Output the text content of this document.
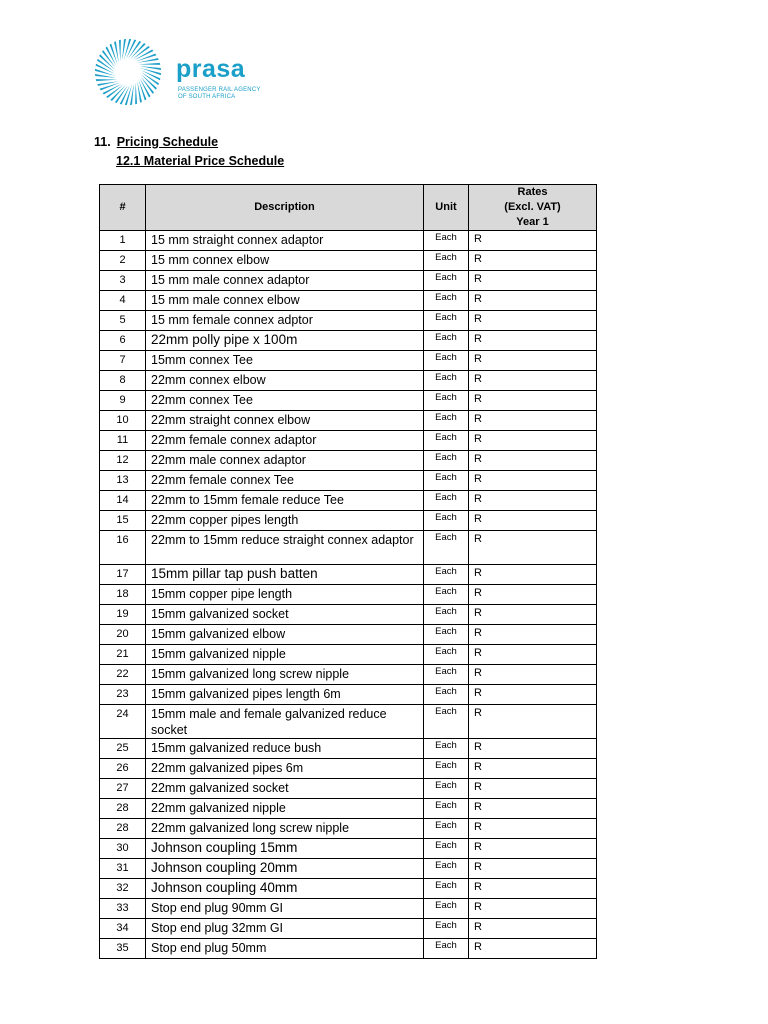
prasa
PASSENGER RAIL AGENCY
OF SOUTH AFRICA
11. Pricing Schedule
12.1 Material Price Schedule
#	Description	Unit	Rates
(Excl. VAT)
Year 1

1	15 mm straight connex adaptor	Each	R
2	15 mm connex elbow	Each	R
3	15 mm male connex adaptor	Each	R
4	15 mm male connex elbow	Each	R
5	15 mm female connex adptor	Each	R
6	22mm polly pipe x 100m	Each	R
7	15mm connex Tee	Each	R
8	22mm connex elbow	Each	R
9	22mm connex Tee	Each	R
10	22mm straight connex elbow	Each	R
11	22mm female connex adaptor	Each	R
12	22mm male connex adaptor	Each	R
13	22mm female connex Tee	Each	R
14	22mm to 15mm female reduce Tee	Each	R
15	22mm copper pipes length	Each	R
16	22mm to 15mm reduce straight connex adaptor	Each	R
17	15mm pillar tap push batten	Each	R
18	15mm copper pipe length	Each	R
19	15mm galvanized socket	Each	R
20	15mm galvanized elbow	Each	R
21	15mm galvanized nipple	Each	R
22	15mm galvanized long screw nipple	Each	R
23	15mm galvanized pipes length 6m	Each	R
24	15mm male and female galvanized reduce socket	Each	R
25	15mm galvanized reduce bush	Each	R
26	22mm galvanized pipes 6m	Each	R
27	22mm galvanized socket	Each	R
28	22mm galvanized nipple	Each	R
28	22mm galvanized long screw nipple	Each	R
30	Johnson coupling 15mm	Each	R
31	Johnson coupling 20mm	Each	R
32	Johnson coupling 40mm	Each	R
33	Stop end plug 90mm GI	Each	R
34	Stop end plug 32mm GI	Each	R
35	Stop end plug 50mm	Each	R
